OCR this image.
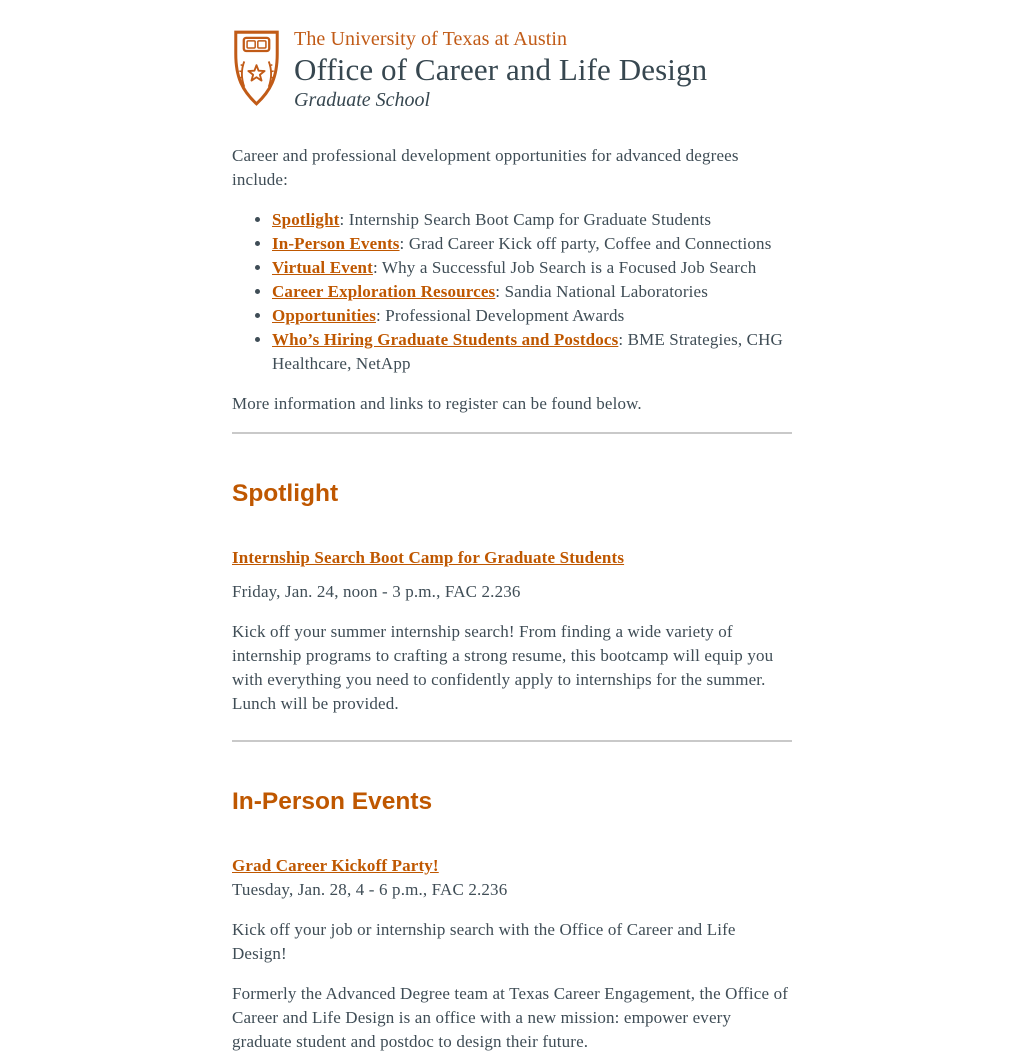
The University of Texas at Austin
Office of Career and Life Design
Graduate School

Career and professional development opportunities for advanced degrees include:

• Spotlight: Internship Search Boot Camp for Graduate Students
• In-Person Events: Grad Career Kick off party, Coffee and Connections
• Virtual Event: Why a Successful Job Search is a Focused Job Search
• Career Exploration Resources: Sandia National Laboratories
• Opportunities: Professional Development Awards
• Who’s Hiring Graduate Students and Postdocs: BME Strategies, CHG Healthcare, NetApp

More information and links to register can be found below.

Spotlight

Internship Search Boot Camp for Graduate Students

Friday, Jan. 24, noon - 3 p.m., FAC 2.236

Kick off your summer internship search! From finding a wide variety of internship programs to crafting a strong resume, this bootcamp will equip you with everything you need to confidently apply to internships for the summer. Lunch will be provided.

In-Person Events

Grad Career Kickoff Party!
Tuesday, Jan. 28, 4 - 6 p.m., FAC 2.236

Kick off your job or internship search with the Office of Career and Life Design!

Formerly the Advanced Degree team at Texas Career Engagement, the Office of Career and Life Design is an office with a new mission: empower every graduate student and postdoc to design their future.
